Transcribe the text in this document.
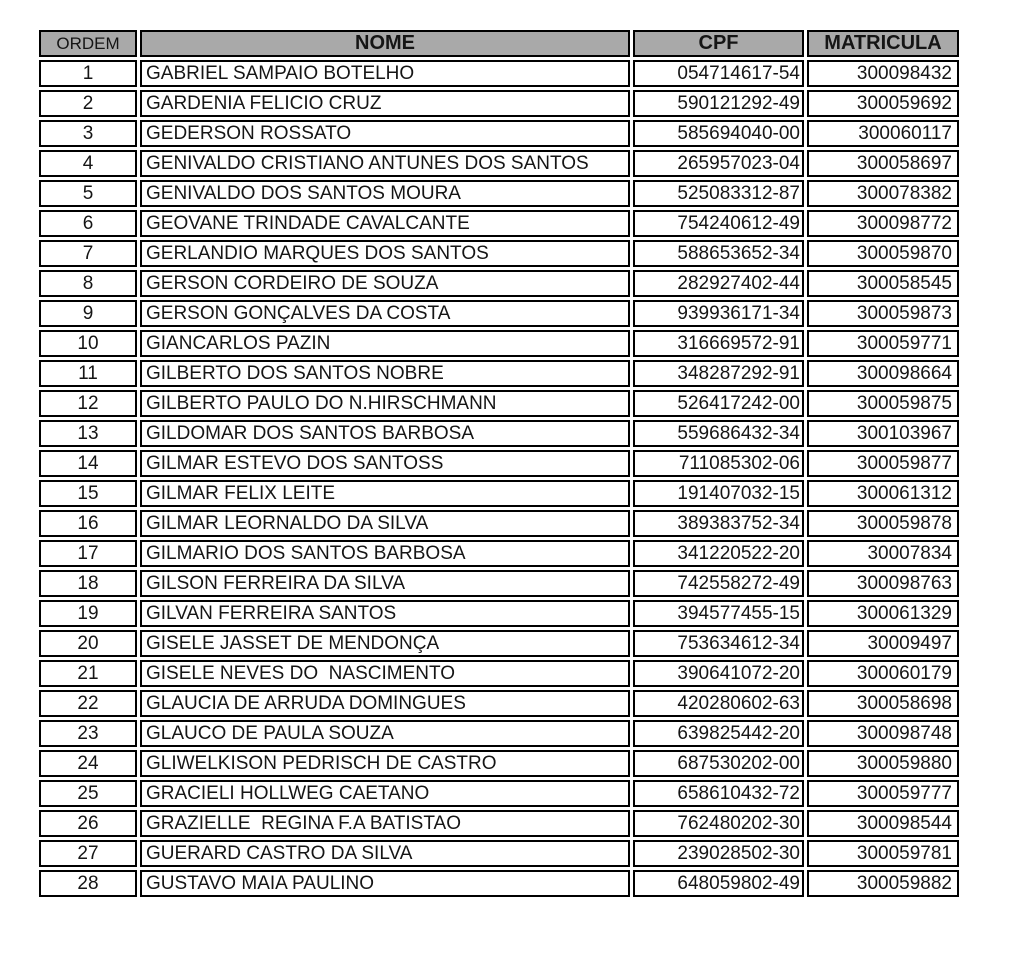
ORDEM	NOME	CPF	MATRICULA
1	GABRIEL SAMPAIO BOTELHO	054714617-54	300098432
2	GARDENIA FELICIO CRUZ	590121292-49	300059692
3	GEDERSON ROSSATO	585694040-00	300060117
4	GENIVALDO CRISTIANO ANTUNES DOS SANTOS	265957023-04	300058697
5	GENIVALDO DOS SANTOS MOURA	525083312-87	300078382
6	GEOVANE TRINDADE CAVALCANTE	754240612-49	300098772
7	GERLANDIO MARQUES DOS SANTOS	588653652-34	300059870
8	GERSON CORDEIRO DE SOUZA	282927402-44	300058545
9	GERSON GONÇALVES DA COSTA	939936171-34	300059873
10	GIANCARLOS PAZIN	316669572-91	300059771
11	GILBERTO DOS SANTOS NOBRE	348287292-91	300098664
12	GILBERTO PAULO DO N.HIRSCHMANN	526417242-00	300059875
13	GILDOMAR DOS SANTOS BARBOSA	559686432-34	300103967
14	GILMAR ESTEVO DOS SANTOSS	711085302-06	300059877
15	GILMAR FELIX LEITE	191407032-15	300061312
16	GILMAR LEORNALDO DA SILVA	389383752-34	300059878
17	GILMARIO DOS SANTOS BARBOSA	341220522-20	30007834
18	GILSON FERREIRA DA SILVA	742558272-49	300098763
19	GILVAN FERREIRA SANTOS	394577455-15	300061329
20	GISELE JASSET DE MENDONÇA	753634612-34	30009497
21	GISELE NEVES DO  NASCIMENTO	390641072-20	300060179
22	GLAUCIA DE ARRUDA DOMINGUES	420280602-63	300058698
23	GLAUCO DE PAULA SOUZA	639825442-20	300098748
24	GLIWELKISON PEDRISCH DE CASTRO	687530202-00	300059880
25	GRACIELI HOLLWEG CAETANO	658610432-72	300059777
26	GRAZIELLE  REGINA F.A BATISTAO	762480202-30	300098544
27	GUERARD CASTRO DA SILVA	239028502-30	300059781
28	GUSTAVO MAIA PAULINO	648059802-49	300059882
